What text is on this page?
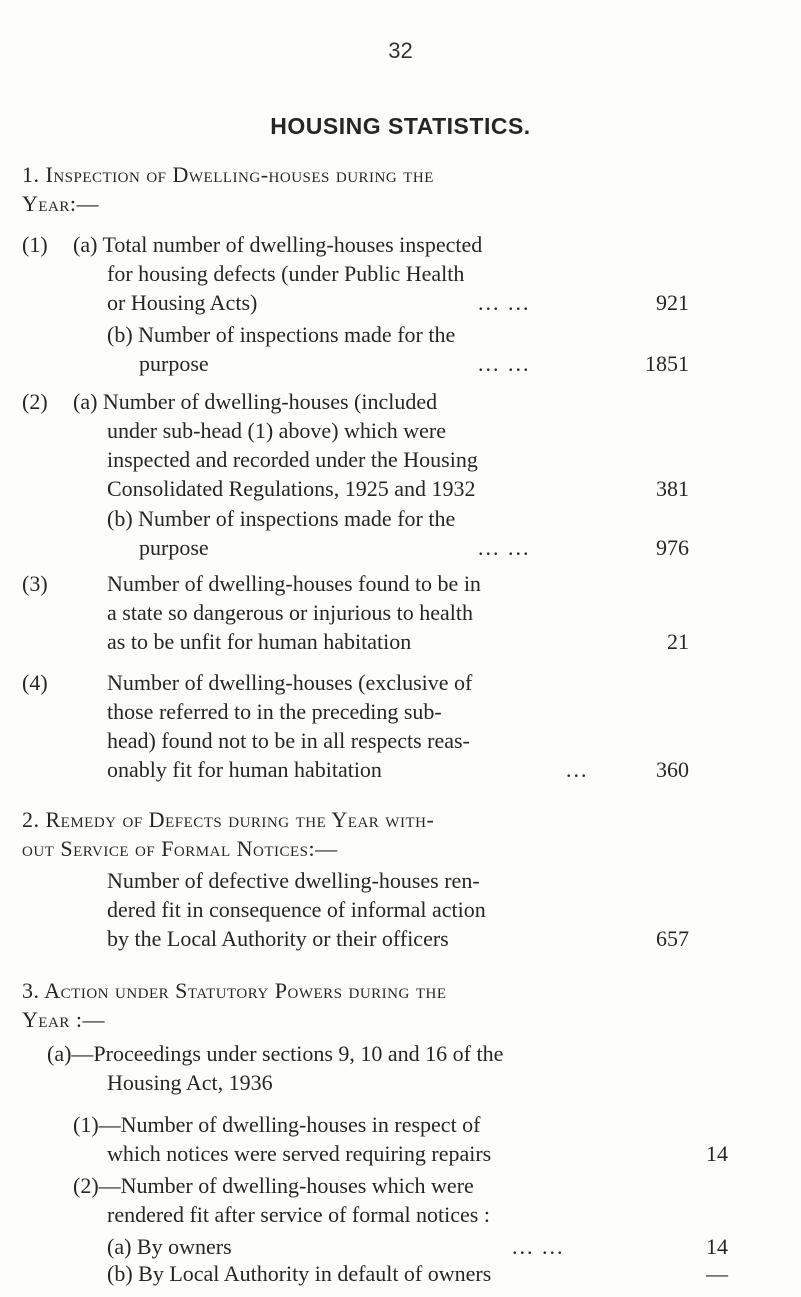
32
HOUSING STATISTICS.
1. Inspection of Dwelling-houses during the
Year:—
(1) (a) Total number of dwelling-houses inspected
for housing defects (under Public Health
or Housing Acts)	... ...	921
(b) Number of inspections made for the
purpose	... ...	1851
(2) (a) Number of dwelling-houses (included
under sub-head (1) above) which were
inspected and recorded under the Housing
Consolidated Regulations, 1925 and 1932	381
(b) Number of inspections made for the
purpose	... ...	976
(3)	Number of dwelling-houses found to be in
a state so dangerous or injurious to health
as to be unfit for human habitation	21
(4)	Number of dwelling-houses (exclusive of
those referred to in the preceding sub-
head) found not to be in all respects reas-
onably fit for human habitation	...	360
2. Remedy of Defects during the Year with-
out Service of Formal Notices:—
Number of defective dwelling-houses ren-
dered fit in consequence of informal action
by the Local Authority or their officers	657
3. Action under Statutory Powers during the
Year :—
(a)—Proceedings under sections 9, 10 and 16 of the
Housing Act, 1936
(1)—Number of dwelling-houses in respect of
which notices were served requiring repairs	14
(2)—Number of dwelling-houses which were
rendered fit after service of formal notices :
(a) By owners	... ...	14
(b) By Local Authority in default of owners	—
